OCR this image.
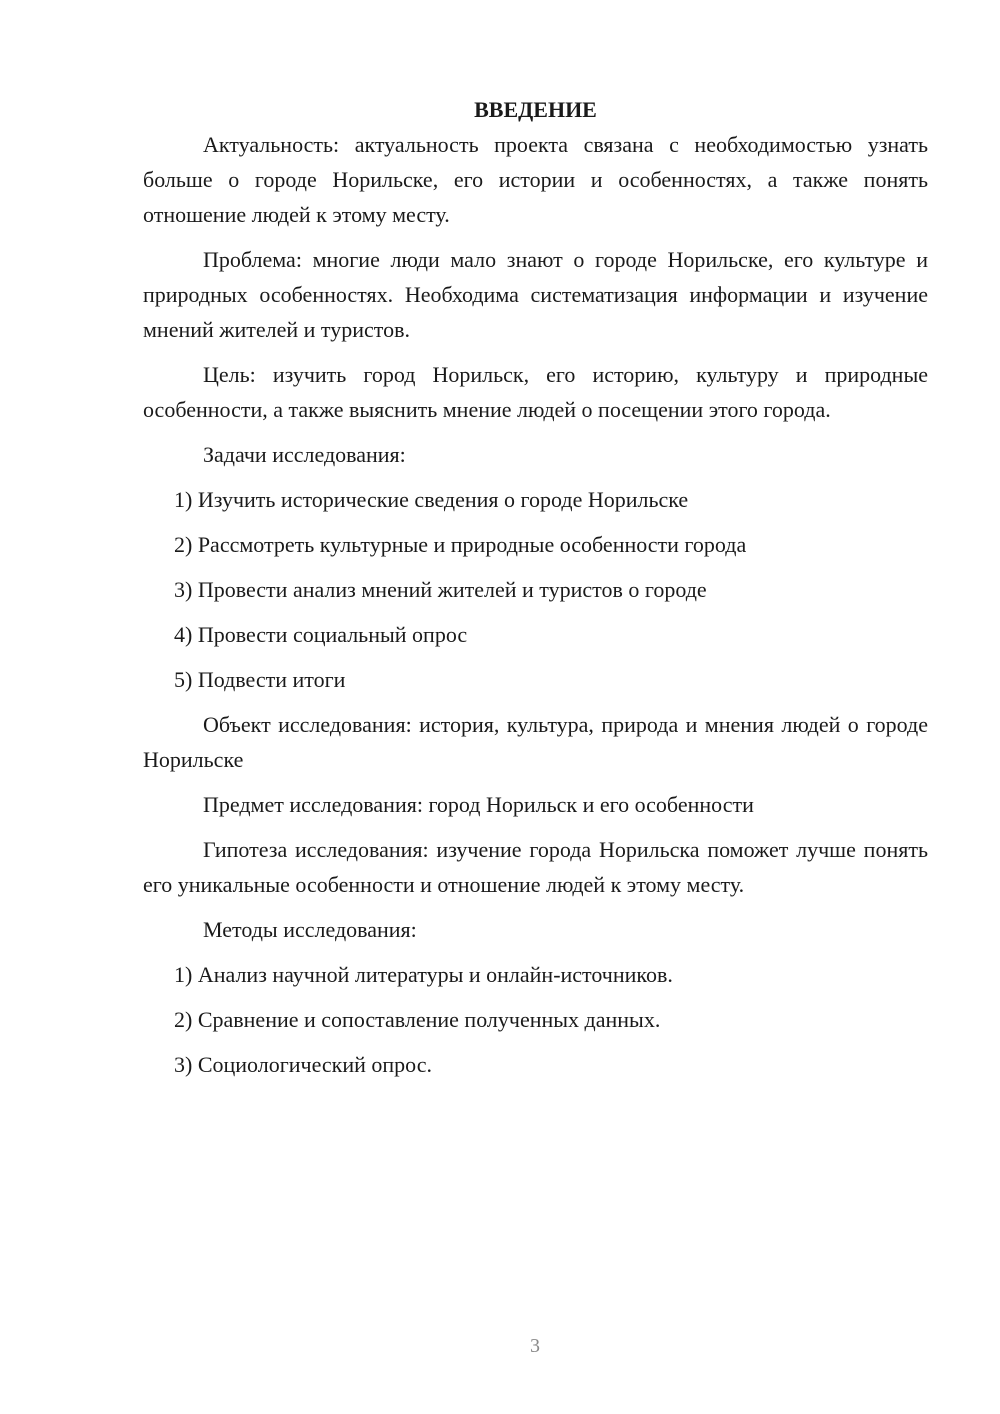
ВВЕДЕНИЕ

Актуальность: актуальность проекта связана с необходимостью узнать больше о городе Норильске, его истории и особенностях, а также понять отношение людей к этому месту.

Проблема: многие люди мало знают о городе Норильске, его культуре и природных особенностях. Необходима систематизация информации и изучение мнений жителей и туристов.

Цель: изучить город Норильск, его историю, культуру и природные особенности, а также выяснить мнение людей о посещении этого города.

Задачи исследования:
1) Изучить исторические сведения о городе Норильске
2) Рассмотреть культурные и природные особенности города
3) Провести анализ мнений жителей и туристов о городе
4) Провести социальный опрос
5) Подвести итоги

Объект исследования: история, культура, природа и мнения людей о городе Норильске

Предмет исследования: город Норильск и его особенности

Гипотеза исследования: изучение города Норильска поможет лучше понять его уникальные особенности и отношение людей к этому месту.

Методы исследования:
1) Анализ научной литературы и онлайн-источников.
2) Сравнение и сопоставление полученных данных.
3) Социологический опрос.
3
